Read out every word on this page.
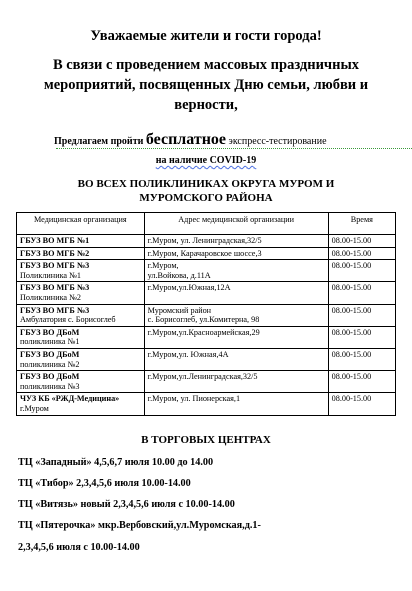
Уважаемые жители и гости города!
В связи с проведением массовых праздничных
мероприятий, посвященных Дню семьи, любви и
верности,
Предлагаем пройти бесплатное экспресс-тестирование
на наличие COVID-19
ВО ВСЕХ ПОЛИКЛИНИКАХ ОКРУГА МУРОМ И
МУРОМСКОГО РАЙОНА
Медицинская организация	Адрес медицинской организации	Время

ГБУЗ ВО МГБ №1	г.Муром, ул. Ленинградская,32/5	08.00-15.00

ГБУЗ ВО МГБ №2	г.Муром, Карачаровское шоссе,3	08.00-15.00

ГБУЗ ВО МГБ №3
Поликлиника №1	г.Муром,
ул.Войкова, д.11А	08.00-15.00

ГБУЗ ВО МГБ №3
Поликлиника №2	г.Муром,ул.Южная,12А	08.00-15.00

ГБУЗ ВО МГБ №3
Амбулатория с. Борисоглеб	Муромский район
с. Борисоглеб, ул.Комитерна, 98	08.00-15.00

ГБУЗ ВО ДБоМ
поликлиника №1	г.Муром,ул.Красноармейская,29	08.00-15.00

ГБУЗ ВО ДБоМ
поликлиника №2	г.Муром,ул. Южная,4А	08.00-15.00

ГБУЗ ВО ДБоМ
поликлиника №3	г.Муром,ул.Ленинградская,32/5	08.00-15.00

ЧУЗ КБ «РЖД-Медицина»
г.Муром	г.Муром, ул. Пионерская,1	08.00-15.00
В ТОРГОВЫХ ЦЕНТРАХ
ТЦ «Западный» 4,5,6,7 июля 10.00 до 14.00
ТЦ «Тибор» 2,3,4,5,6 июля 10.00-14.00
ТЦ «Витязь» новый 2,3,4,5,6 июля с 10.00-14.00
ТЦ «Пятерочка» мкр.Вербовский,ул.Муромская,д.1-
2,3,4,5,6 июля с 10.00-14.00
